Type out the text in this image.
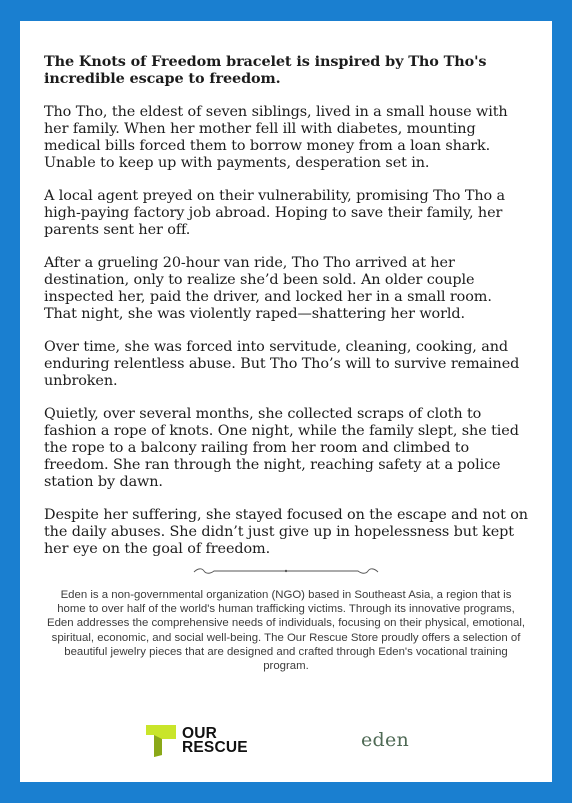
The Knots of Freedom bracelet is inspired by Tho Tho's incredible escape to freedom.

Tho Tho, the eldest of seven siblings, lived in a small house with her family. When her mother fell ill with diabetes, mounting medical bills forced them to borrow money from a loan shark. Unable to keep up with payments, desperation set in.

A local agent preyed on their vulnerability, promising Tho Tho a high-paying factory job abroad. Hoping to save their family, her parents sent her off.

After a grueling 20-hour van ride, Tho Tho arrived at her destination, only to realize she’d been sold. An older couple inspected her, paid the driver, and locked her in a small room. That night, she was violently raped—shattering her world.

Over time, she was forced into servitude, cleaning, cooking, and enduring relentless abuse. But Tho Tho’s will to survive remained unbroken.

Quietly, over several months, she collected scraps of cloth to fashion a rope of knots. One night, while the family slept, she tied the rope to a balcony railing from her room and climbed to freedom. She ran through the night, reaching safety at a police station by dawn.

Despite her suffering, she stayed focused on the escape and not on the daily abuses. She didn’t just give up in hopelessness but kept her eye on the goal of freedom.

Eden is a non-governmental organization (NGO) based in Southeast Asia, a region that is home to over half of the world's human trafficking victims. Through its innovative programs, Eden addresses the comprehensive needs of individuals, focusing on their physical, emotional, spiritual, economic, and social well-being. The Our Rescue Store proudly offers a selection of beautiful jewelry pieces that are designed and crafted through Eden's vocational training program.

OUR
RESCUE	eden
